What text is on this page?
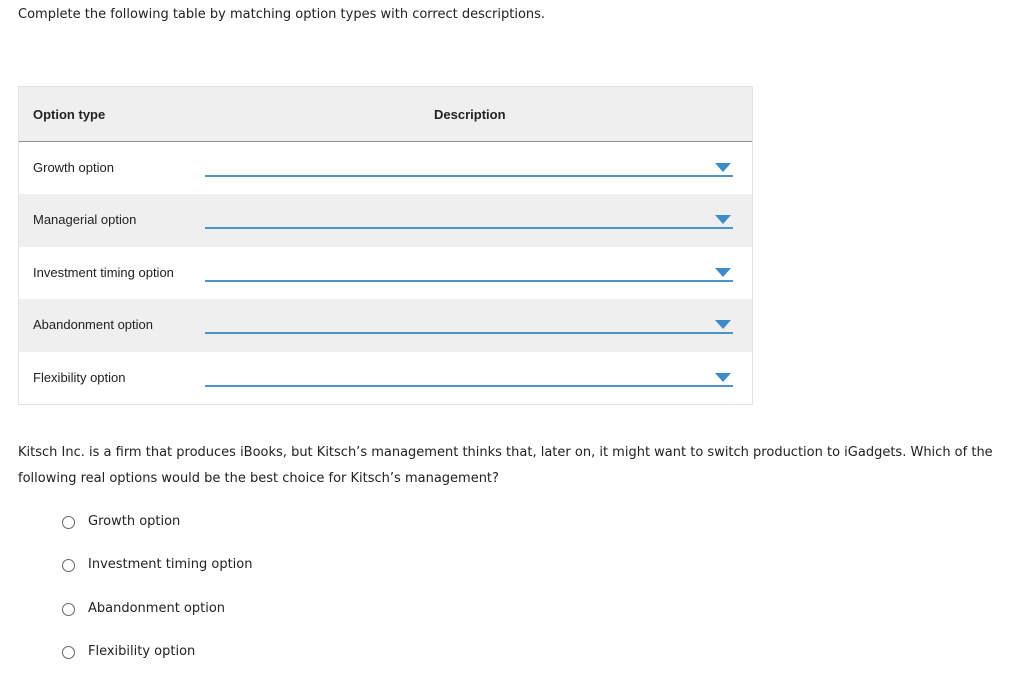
Complete the following table by matching option types with correct descriptions.
Option type	Description
Growth option
Managerial option
Investment timing option
Abandonment option
Flexibility option
Kitsch Inc. is a firm that produces iBooks, but Kitsch’s management thinks that, later on, it might want to switch production to iGadgets. Which of the following real options would be the best choice for Kitsch’s management?
Growth option
Investment timing option
Abandonment option
Flexibility option
